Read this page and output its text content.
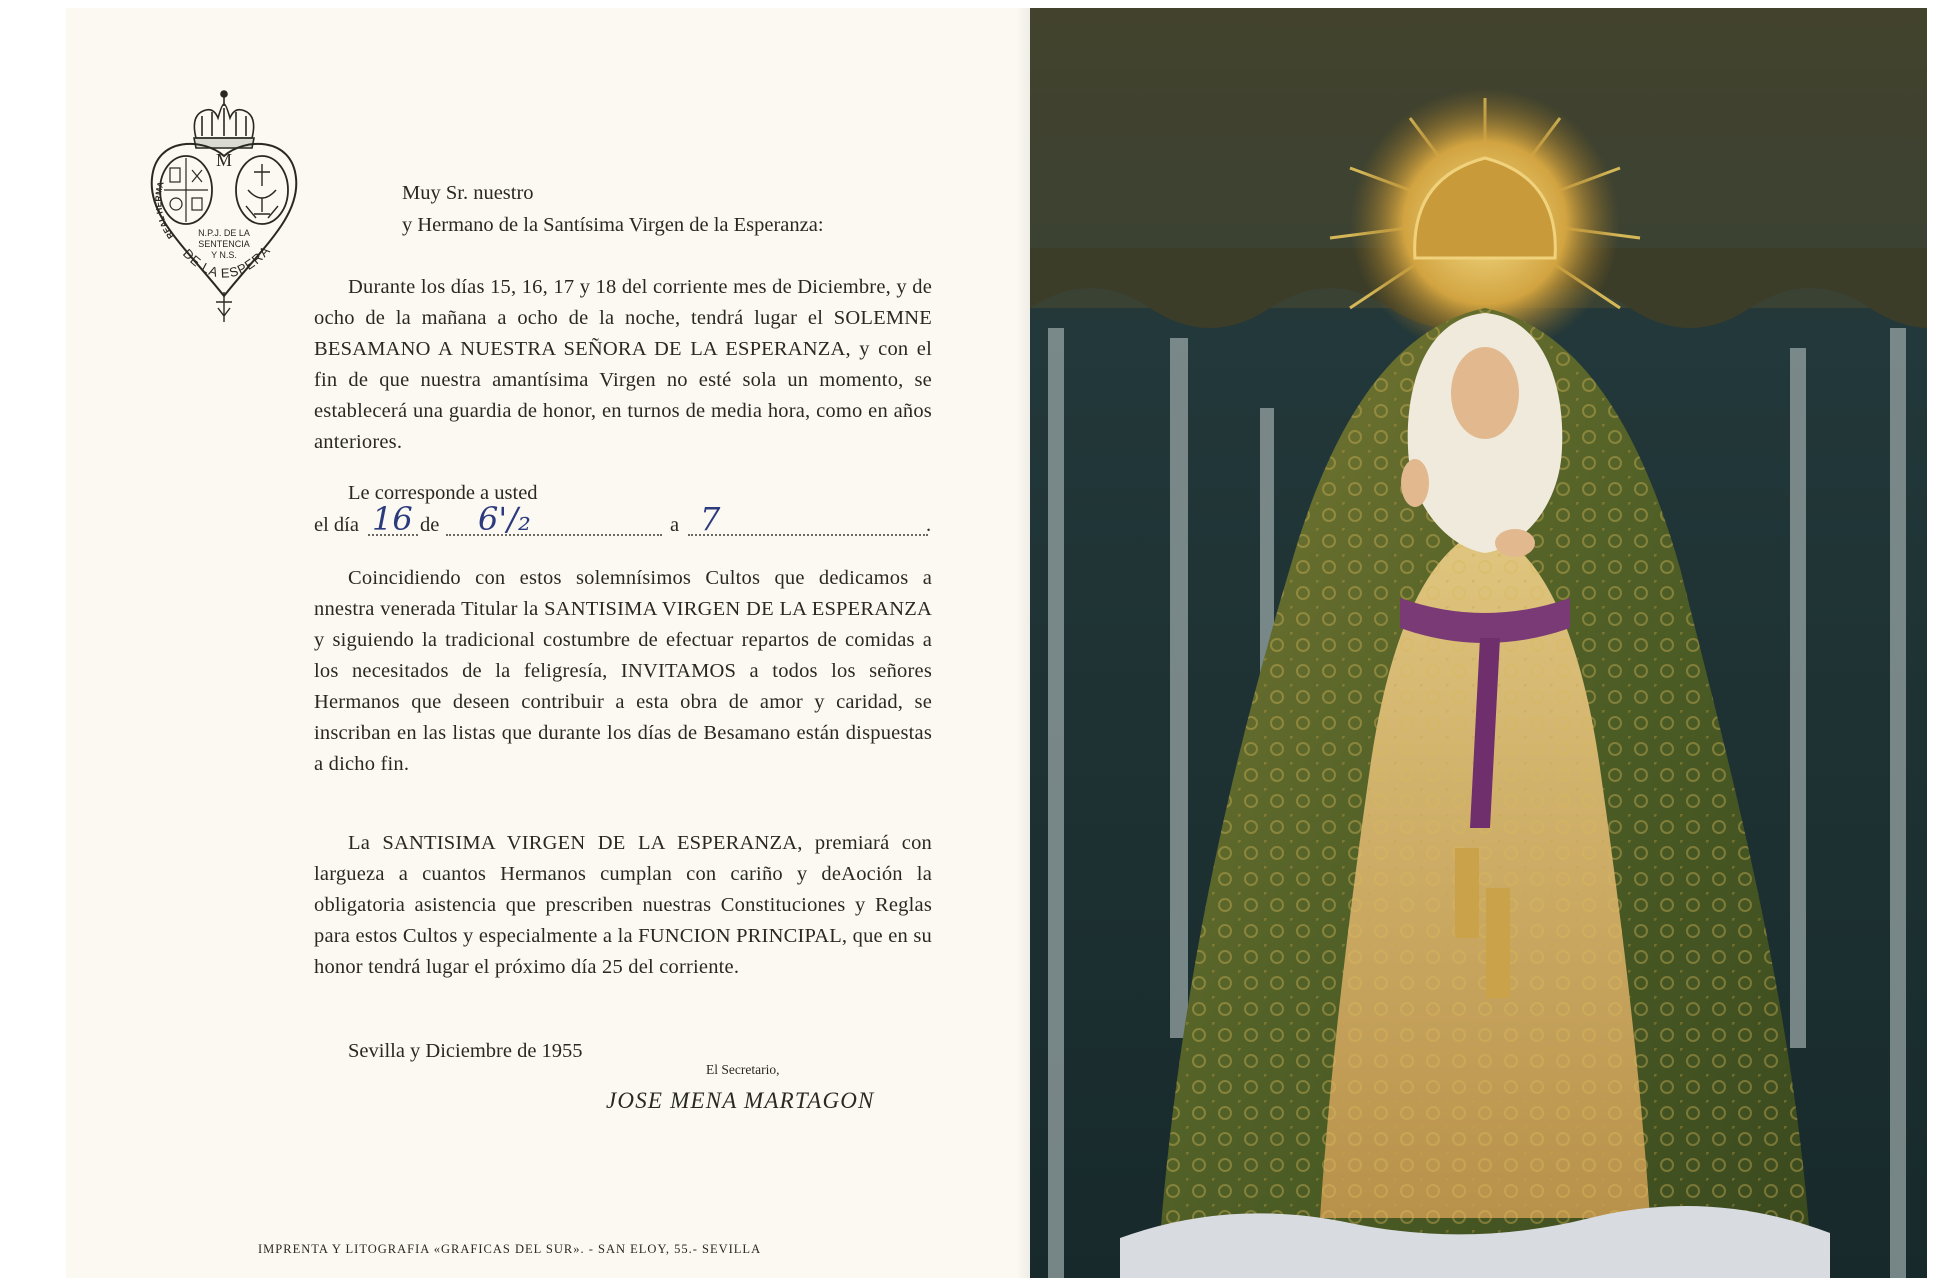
M
REAL HERMA
DE LA ESPERA
N.P.J. DE LA
SENTENCIA
Y N.S.
Muy Sr. nuestro
y Hermano de la Santísima Virgen de la Esperanza:
Durante los días 15, 16, 17 y 18 del corriente mes de Diciembre, y de ocho de la mañana a ocho de la noche, tendrá lugar el SOLEMNE BESAMANO A NUESTRA SEÑORA DE LA ESPERANZA, y con el fin de que nuestra amantísima Virgen no esté sola un momento, se establecerá una guardia de honor, en turnos de media hora, como en años anteriores.
Le corresponde a usted
el día 16 de 6'/₂	a 7	.
Coincidiendo con estos solemnísimos Cultos que dedicamos a nnestra venerada Titular la SANTISIMA VIRGEN DE LA ESPERANZA y siguiendo la tradicional costumbre de efectuar repartos de comidas a los necesitados de la feligresía, INVITAMOS a todos los señores Hermanos que deseen contribuir a esta obra de amor y caridad, se inscriban en las listas que durante los días de Besamano están dispuestas a dicho fin.
La SANTISIMA VIRGEN DE LA ESPERANZA, premiará con largueza a cuantos Hermanos cumplan con cariño y deAoción la obligatoria asistencia que prescriben nuestras Constituciones y Reglas para estos Cultos y especialmente a la FUNCION PRINCIPAL, que en su honor tendrá lugar el próximo día 25 del corriente.
Sevilla y Diciembre de 1955
El Secretario,
JOSE MENA MARTAGON
IMPRENTA Y LITOGRAFIA «GRAFICAS DEL SUR». - SAN ELOY, 55.- SEVILLA
